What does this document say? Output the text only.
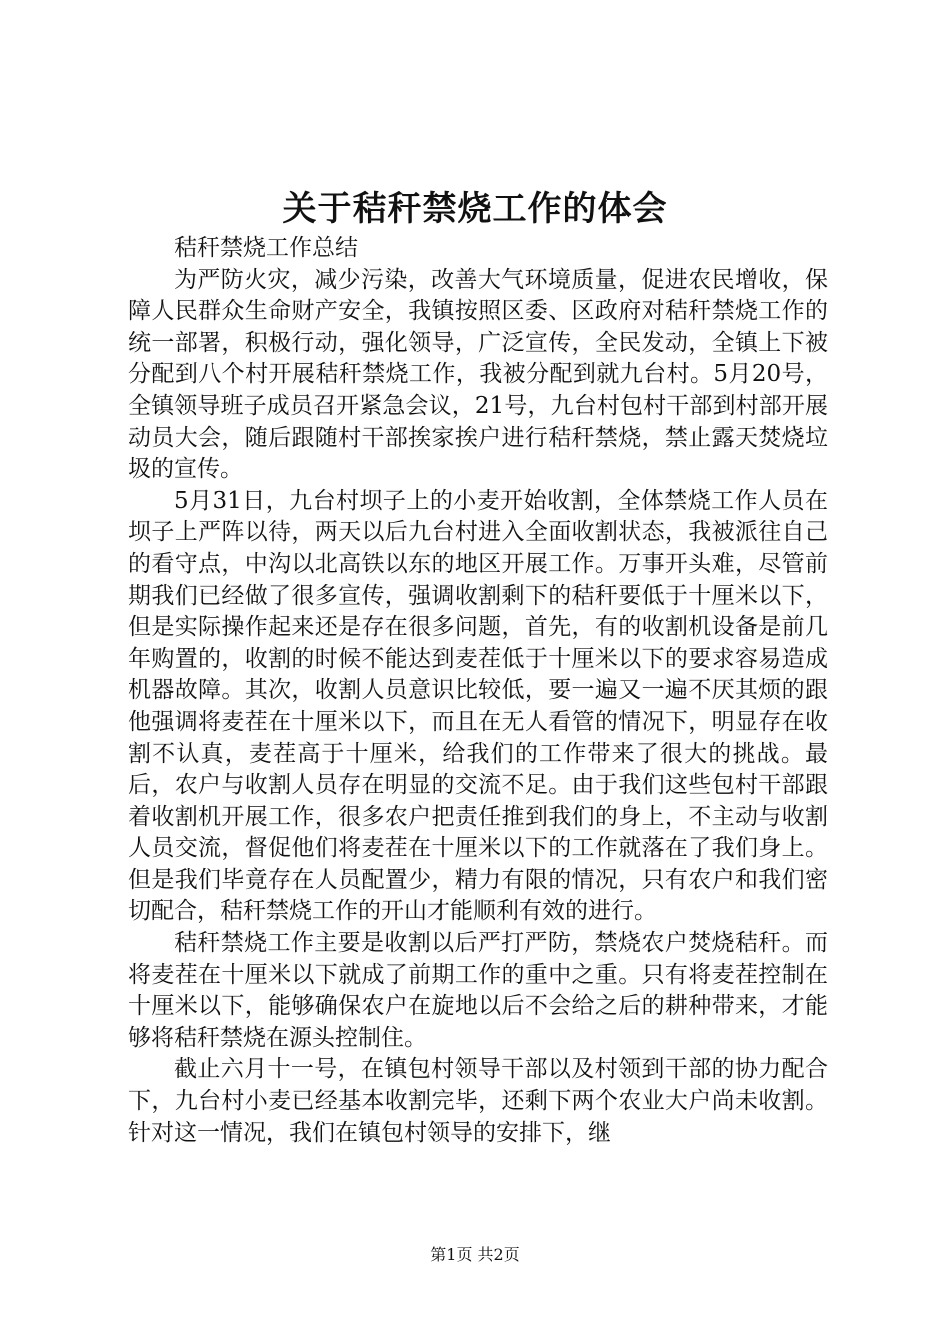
关于秸秆禁烧工作的体会

秸秆禁烧工作总结

为严防火灾，减少污染，改善大气环境质量，促进农民增收，保障人民群众生命财产安全，我镇按照区委、区政府对秸秆禁烧工作的统一部署，积极行动，强化领导，广泛宣传，全民发动，全镇上下被分配到八个村开展秸秆禁烧工作，我被分配到就九台村。5月20号，全镇领导班子成员召开紧急会议，21号，九台村包村干部到村部开展动员大会，随后跟随村干部挨家挨户进行秸秆禁烧，禁止露天焚烧垃圾的宣传。

5月31日，九台村坝子上的小麦开始收割，全体禁烧工作人员在坝子上严阵以待，两天以后九台村进入全面收割状态，我被派往自己的看守点，中沟以北高铁以东的地区开展工作。万事开头难，尽管前期我们已经做了很多宣传，强调收割剩下的秸秆要低于十厘米以下，但是实际操作起来还是存在很多问题，首先，有的收割机设备是前几年购置的，收割的时候不能达到麦茬低于十厘米以下的要求容易造成机器故障。其次，收割人员意识比较低，要一遍又一遍不厌其烦的跟他强调将麦茬在十厘米以下，而且在无人看管的情况下，明显存在收割不认真，麦茬高于十厘米，给我们的工作带来了很大的挑战。最后，农户与收割人员存在明显的交流不足。由于我们这些包村干部跟着收割机开展工作，很多农户把责任推到我们的身上，不主动与收割人员交流，督促他们将麦茬在十厘米以下的工作就落在了我们身上。但是我们毕竟存在人员配置少，精力有限的情况，只有农户和我们密切配合，秸秆禁烧工作的开山才能顺利有效的进行。

秸秆禁烧工作主要是收割以后严打严防，禁烧农户焚烧秸秆。而将麦茬在十厘米以下就成了前期工作的重中之重。只有将麦茬控制在十厘米以下，能够确保农户在旋地以后不会给之后的耕种带来，才能够将秸秆禁烧在源头控制住。

截止六月十一号，在镇包村领导干部以及村领到干部的协力配合下，九台村小麦已经基本收割完毕，还剩下两个农业大户尚未收割。针对这一情况，我们在镇包村领导的安排下，继

第1页 共2页
